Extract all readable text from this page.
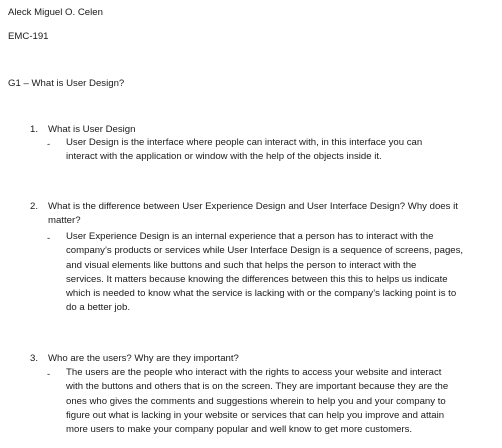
Aleck Miguel O. Celen
EMC-191
G1 – What is User Design?
1. What is User Design
- User Design is the interface where people can interact with, in this interface you can
interact with the application or window with the help of the objects inside it.
2. What is the difference between User Experience Design and User Interface Design? Why does it
matter?
- User Experience Design is an internal experience that a person has to interact with the
company’s products or services while User Interface Design is a sequence of screens, pages,
and visual elements like buttons and such that helps the person to interact with the
services. It matters because knowing the differences between this this to helps us indicate
which is needed to know what the service is lacking with or the company’s lacking point is to
do a better job.
3. Who are the users? Why are they important?
- The users are the people who interact with the rights to access your website and interact
with the buttons and others that is on the screen. They are important because they are the
ones who gives the comments and suggestions wherein to help you and your company to
figure out what is lacking in your website or services that can help you improve and attain
more users to make your company popular and well know to get more customers.
